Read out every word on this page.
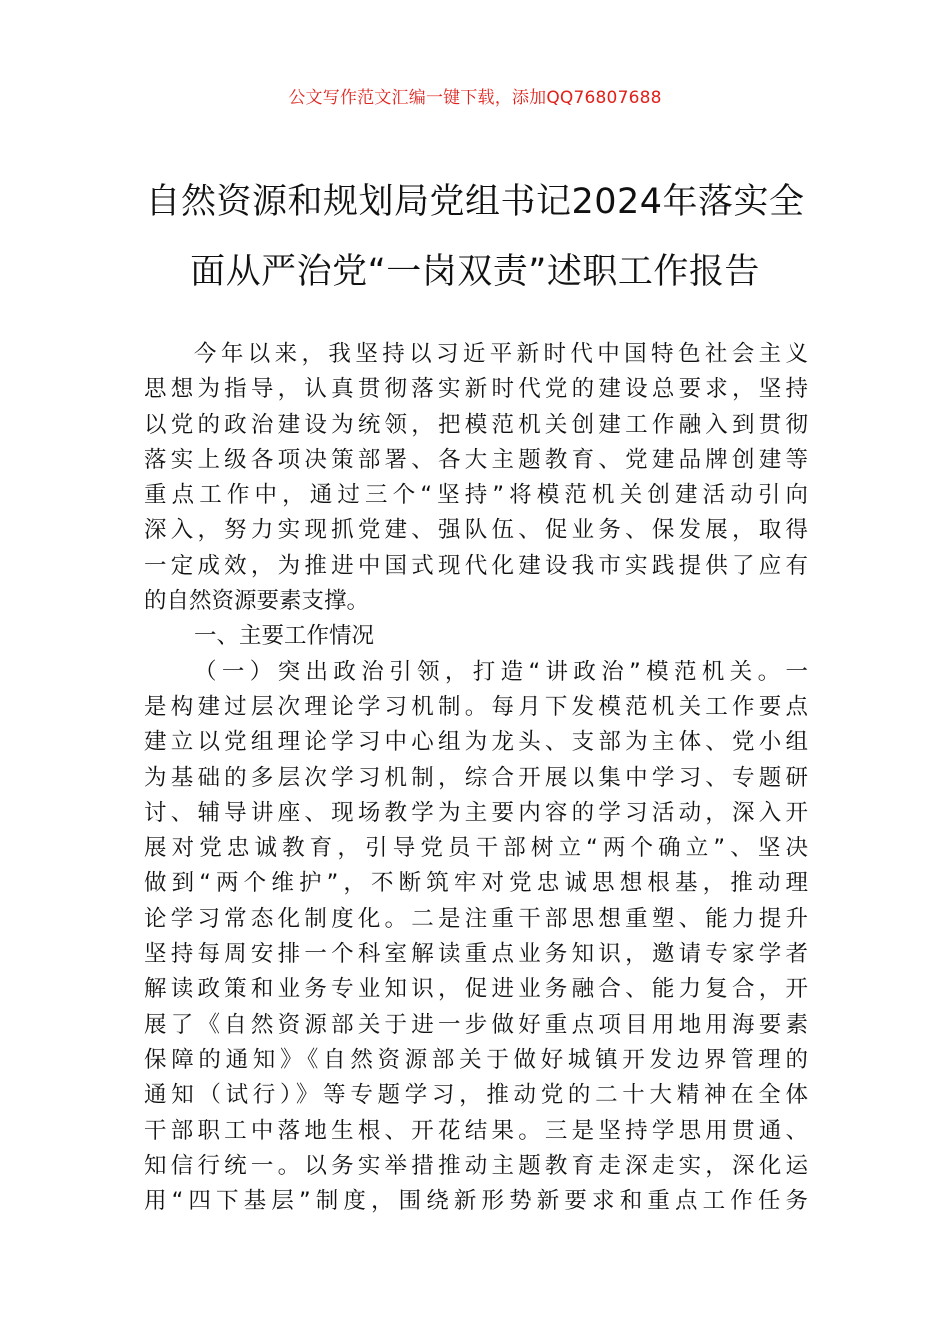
公文写作范文汇编一键下载，添加QQ76807688
自然资源和规划局党组书记2024年落实全
面从严治党“一岗双责”述职工作报告
今年以来，我坚持以习近平新时代中国特色社会主义
思想为指导，认真贯彻落实新时代党的建设总要求，坚持
以党的政治建设为统领，把模范机关创建工作融入到贯彻
落实上级各项决策部署、各大主题教育、党建品牌创建等
重点工作中，通过三个“坚持”将模范机关创建活动引向
深入，努力实现抓党建、强队伍、促业务、保发展，取得
一定成效，为推进中国式现代化建设我市实践提供了应有
的自然资源要素支撑。
一、主要工作情况
（一）突出政治引领，打造“讲政治”模范机关。一
是构建过层次理论学习机制。每月下发模范机关工作要点
建立以党组理论学习中心组为龙头、支部为主体、党小组
为基础的多层次学习机制，综合开展以集中学习、专题研
讨、辅导讲座、现场教学为主要内容的学习活动，深入开
展对党忠诚教育，引导党员干部树立“两个确立”、坚决
做到“两个维护”，不断筑牢对党忠诚思想根基，推动理
论学习常态化制度化。二是注重干部思想重塑、能力提升
坚持每周安排一个科室解读重点业务知识，邀请专家学者
解读政策和业务专业知识，促进业务融合、能力复合，开
展了《自然资源部关于进一步做好重点项目用地用海要素
保障的通知》《自然资源部关于做好城镇开发边界管理的
通知（试行）》等专题学习，推动党的二十大精神在全体
干部职工中落地生根、开花结果。三是坚持学思用贯通、
知信行统一。以务实举措推动主题教育走深走实，深化运
用“四下基层”制度，围绕新形势新要求和重点工作任务
